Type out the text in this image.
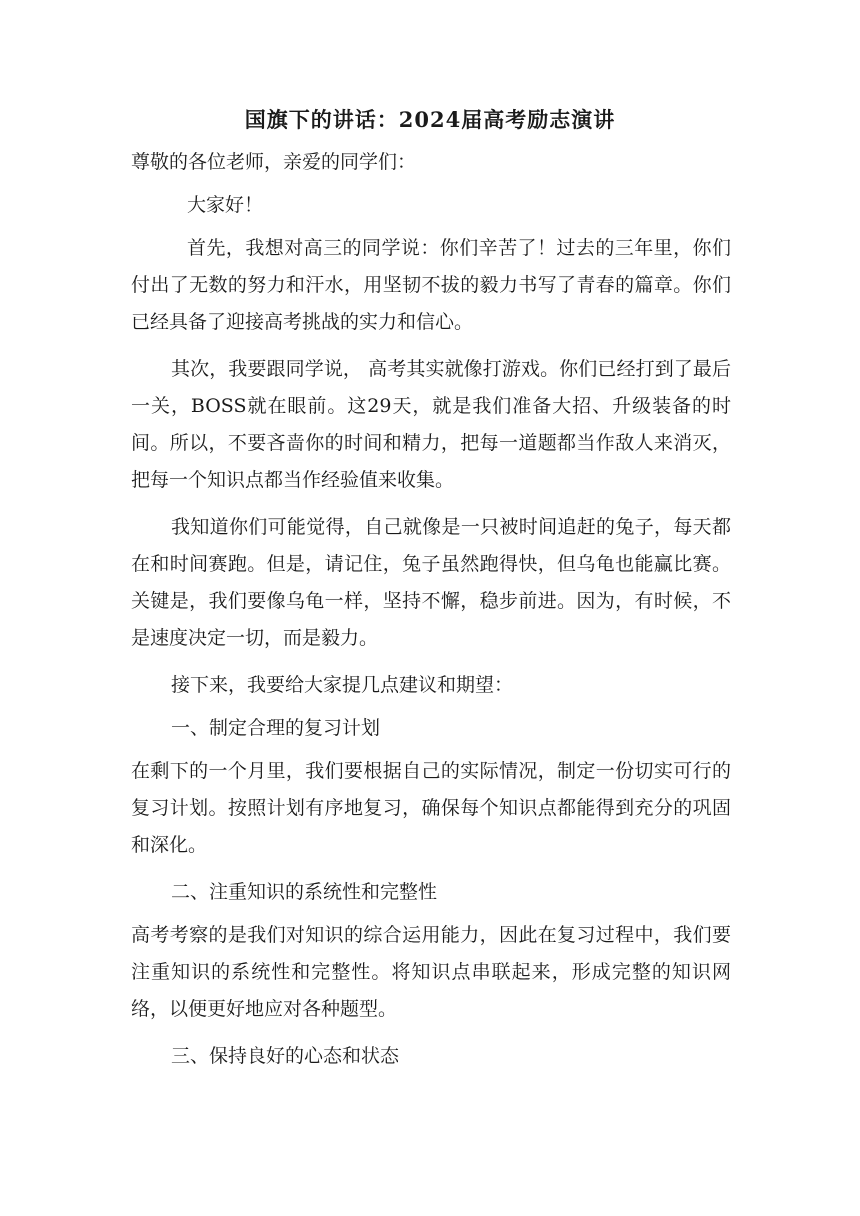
国旗下的讲话：2024届高考励志演讲

尊敬的各位老师，亲爱的同学们：

大家好！

首先，我想对高三的同学说：你们辛苦了！过去的三年里，你们付出了无数的努力和汗水，用坚韧不拔的毅力书写了青春的篇章。你们已经具备了迎接高考挑战的实力和信心。

其次，我要跟同学说， 高考其实就像打游戏。你们已经打到了最后一关，BOSS就在眼前。这29天，就是我们准备大招、升级装备的时间。所以，不要吝啬你的时间和精力，把每一道题都当作敌人来消灭，把每一个知识点都当作经验值来收集。

我知道你们可能觉得，自己就像是一只被时间追赶的兔子，每天都在和时间赛跑。但是，请记住，兔子虽然跑得快，但乌龟也能赢比赛。关键是，我们要像乌龟一样，坚持不懈，稳步前进。因为，有时候，不是速度决定一切，而是毅力。

接下来，我要给大家提几点建议和期望：

一、制定合理的复习计划

在剩下的一个月里，我们要根据自己的实际情况，制定一份切实可行的复习计划。按照计划有序地复习，确保每个知识点都能得到充分的巩固和深化。

二、注重知识的系统性和完整性

高考考察的是我们对知识的综合运用能力，因此在复习过程中，我们要注重知识的系统性和完整性。将知识点串联起来，形成完整的知识网络，以便更好地应对各种题型。

三、保持良好的心态和状态
